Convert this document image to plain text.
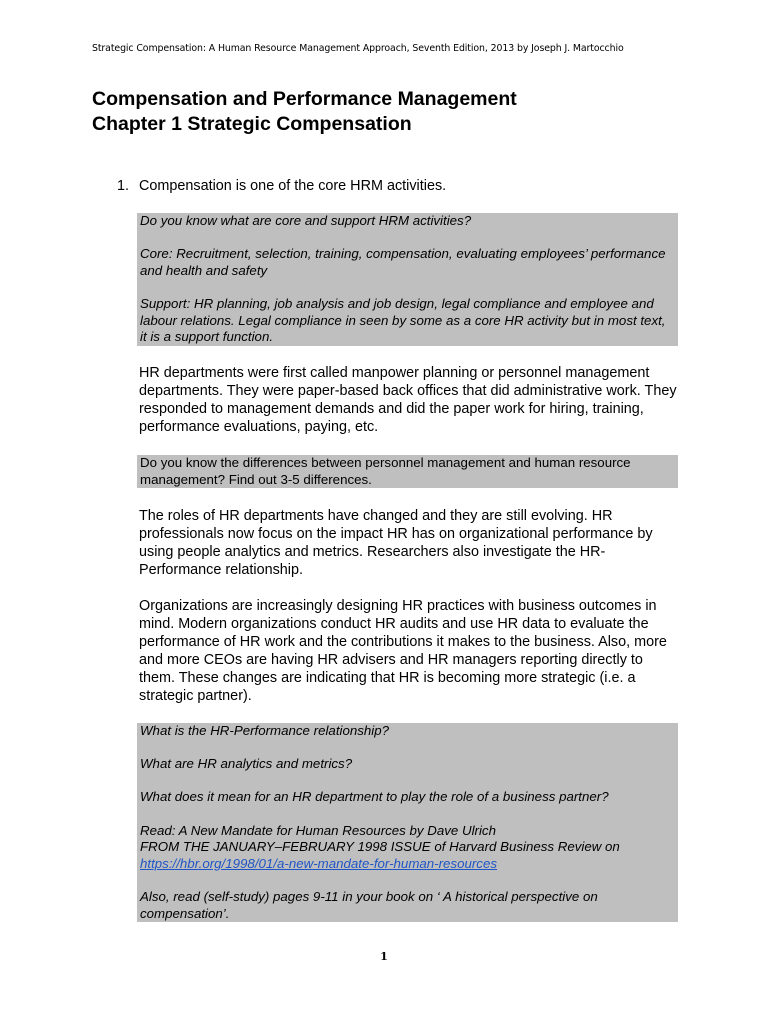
Strategic Compensation: A Human Resource Management Approach, Seventh Edition, 2013 by Joseph J. Martocchio
Compensation and Performance Management
Chapter 1 Strategic Compensation
1. Compensation is one of the core HRM activities.

Do you know what are core and support HRM activities?

Core: Recruitment, selection, training, compensation, evaluating employees’ performance and health and safety

Support: HR planning, job analysis and job design, legal compliance and employee and labour relations. Legal compliance in seen by some as a core HR activity but in most text, it is a support function.

HR departments were first called manpower planning or personnel management departments. They were paper-based back offices that did administrative work. They responded to management demands and did the paper work for hiring, training, performance evaluations, paying, etc.

Do you know the differences between personnel management and human resource management? Find out 3-5 differences.

The roles of HR departments have changed and they are still evolving. HR professionals now focus on the impact HR has on organizational performance by using people analytics and metrics. Researchers also investigate the HR-Performance relationship.
Organizations are increasingly designing HR practices with business outcomes in mind. Modern organizations conduct HR audits and use HR data to evaluate the performance of HR work and the contributions it makes to the business. Also, more and more CEOs are having HR advisers and HR managers reporting directly to them. These changes are indicating that HR is becoming more strategic (i.e. a strategic partner).

What is the HR-Performance relationship?

What are HR analytics and metrics?

What does it mean for an HR department to play the role of a business partner?

Read: A New Mandate for Human Resources by Dave Ulrich

FROM THE JANUARY–FEBRUARY 1998 ISSUE of Harvard Business Review on

https://hbr.org/1998/01/a-new-mandate-for-human-resources

Also, read (self-study) pages 9-11 in your book on ‘ A historical perspective on compensation’.

1
